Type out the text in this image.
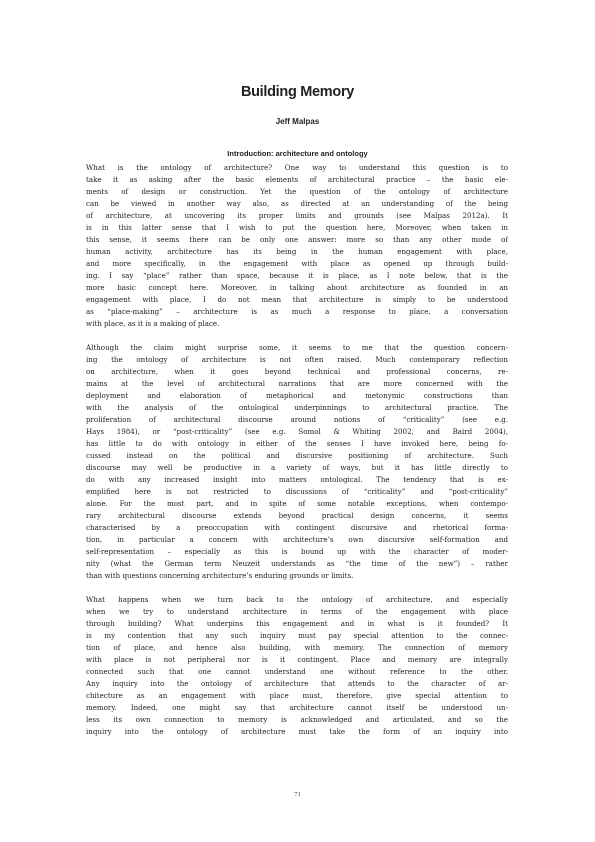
Building Memory
Jeff Malpas
Introduction: architecture and ontology
What is the ontology of architecture? One way to understand this question is to
take it as asking after the basic elements of architectural practice – the basic ele-
ments of design or construction. Yet the question of the ontology of architecture
can be viewed in another way also, as directed at an understanding of the being
of architecture, at uncovering its proper limits and grounds (see Malpas 2012a). It
is in this latter sense that I wish to put the question here. Moreover, when taken in
this sense, it seems there can be only one answer: more so than any other mode of
human activity, architecture has its being in the human engagement with place,
and more specifically, in the engagement with place as opened up through build-
ing. I say “place” rather than space, because it is place, as I note below, that is the
more basic concept here. Moreover, in talking about architecture as founded in an
engagement with place, I do not mean that architecture is simply to be understood
as “place-making” – architecture is as much a response to place, a conversation
with place, as it is a making of place.
Although the claim might surprise some, it seems to me that the question concern-
ing the ontology of architecture is not often raised. Much contemporary reflection
on architecture, when it goes beyond technical and professional concerns, re-
mains at the level of architectural narrations that are more concerned with the
deployment and elaboration of metaphorical and metonymic constructions than
with the analysis of the ontological underpinnings to architectural practice. The
proliferation of architectural discourse around notions of “criticality” (see e.g.
Hays 1984), or “post-criticality” (see e.g. Somol & Whiting 2002, and Baird 2004),
has little to do with ontology in either of the senses I have invoked here, being fo-
cussed instead on the political and discursive positioning of architecture. Such
discourse may well be productive in a variety of ways, but it has little directly to
do with any increased insight into matters ontological. The tendency that is ex-
emplified here is not restricted to discussions of “criticality” and “post-criticality”
alone. For the most part, and in spite of some notable exceptions, when contempo-
rary architectural discourse extends beyond practical design concerns, it seems
characterised by a preoccupation with contingent discursive and rhetorical forma-
tion, in particular a concern with architecture’s own discursive self-formation and
self-representation – especially as this is bound up with the character of moder-
nity (what the German term Neuzeit understands as “the time of the new”) – rather
than with questions concerning architecture’s enduring grounds or limits.
What happens when we turn back to the ontology of architecture, and especially
when we try to understand architecture in terms of the engagement with place
through building? What underpins this engagement and in what is it founded? It
is my contention that any such inquiry must pay special attention to the connec-
tion of place, and hence also building, with memory. The connection of memory
with place is not peripheral nor is it contingent. Place and memory are integrally
connected such that one cannot understand one without reference to the other.
Any inquiry into the ontology of architecture that attends to the character of ar-
chitecture as an engagement with place must, therefore, give special attention to
memory. Indeed, one might say that architecture cannot itself be understood un-
less its own connection to memory is acknowledged and articulated, and so the
inquiry into the ontology of architecture must take the form of an inquiry into
71
